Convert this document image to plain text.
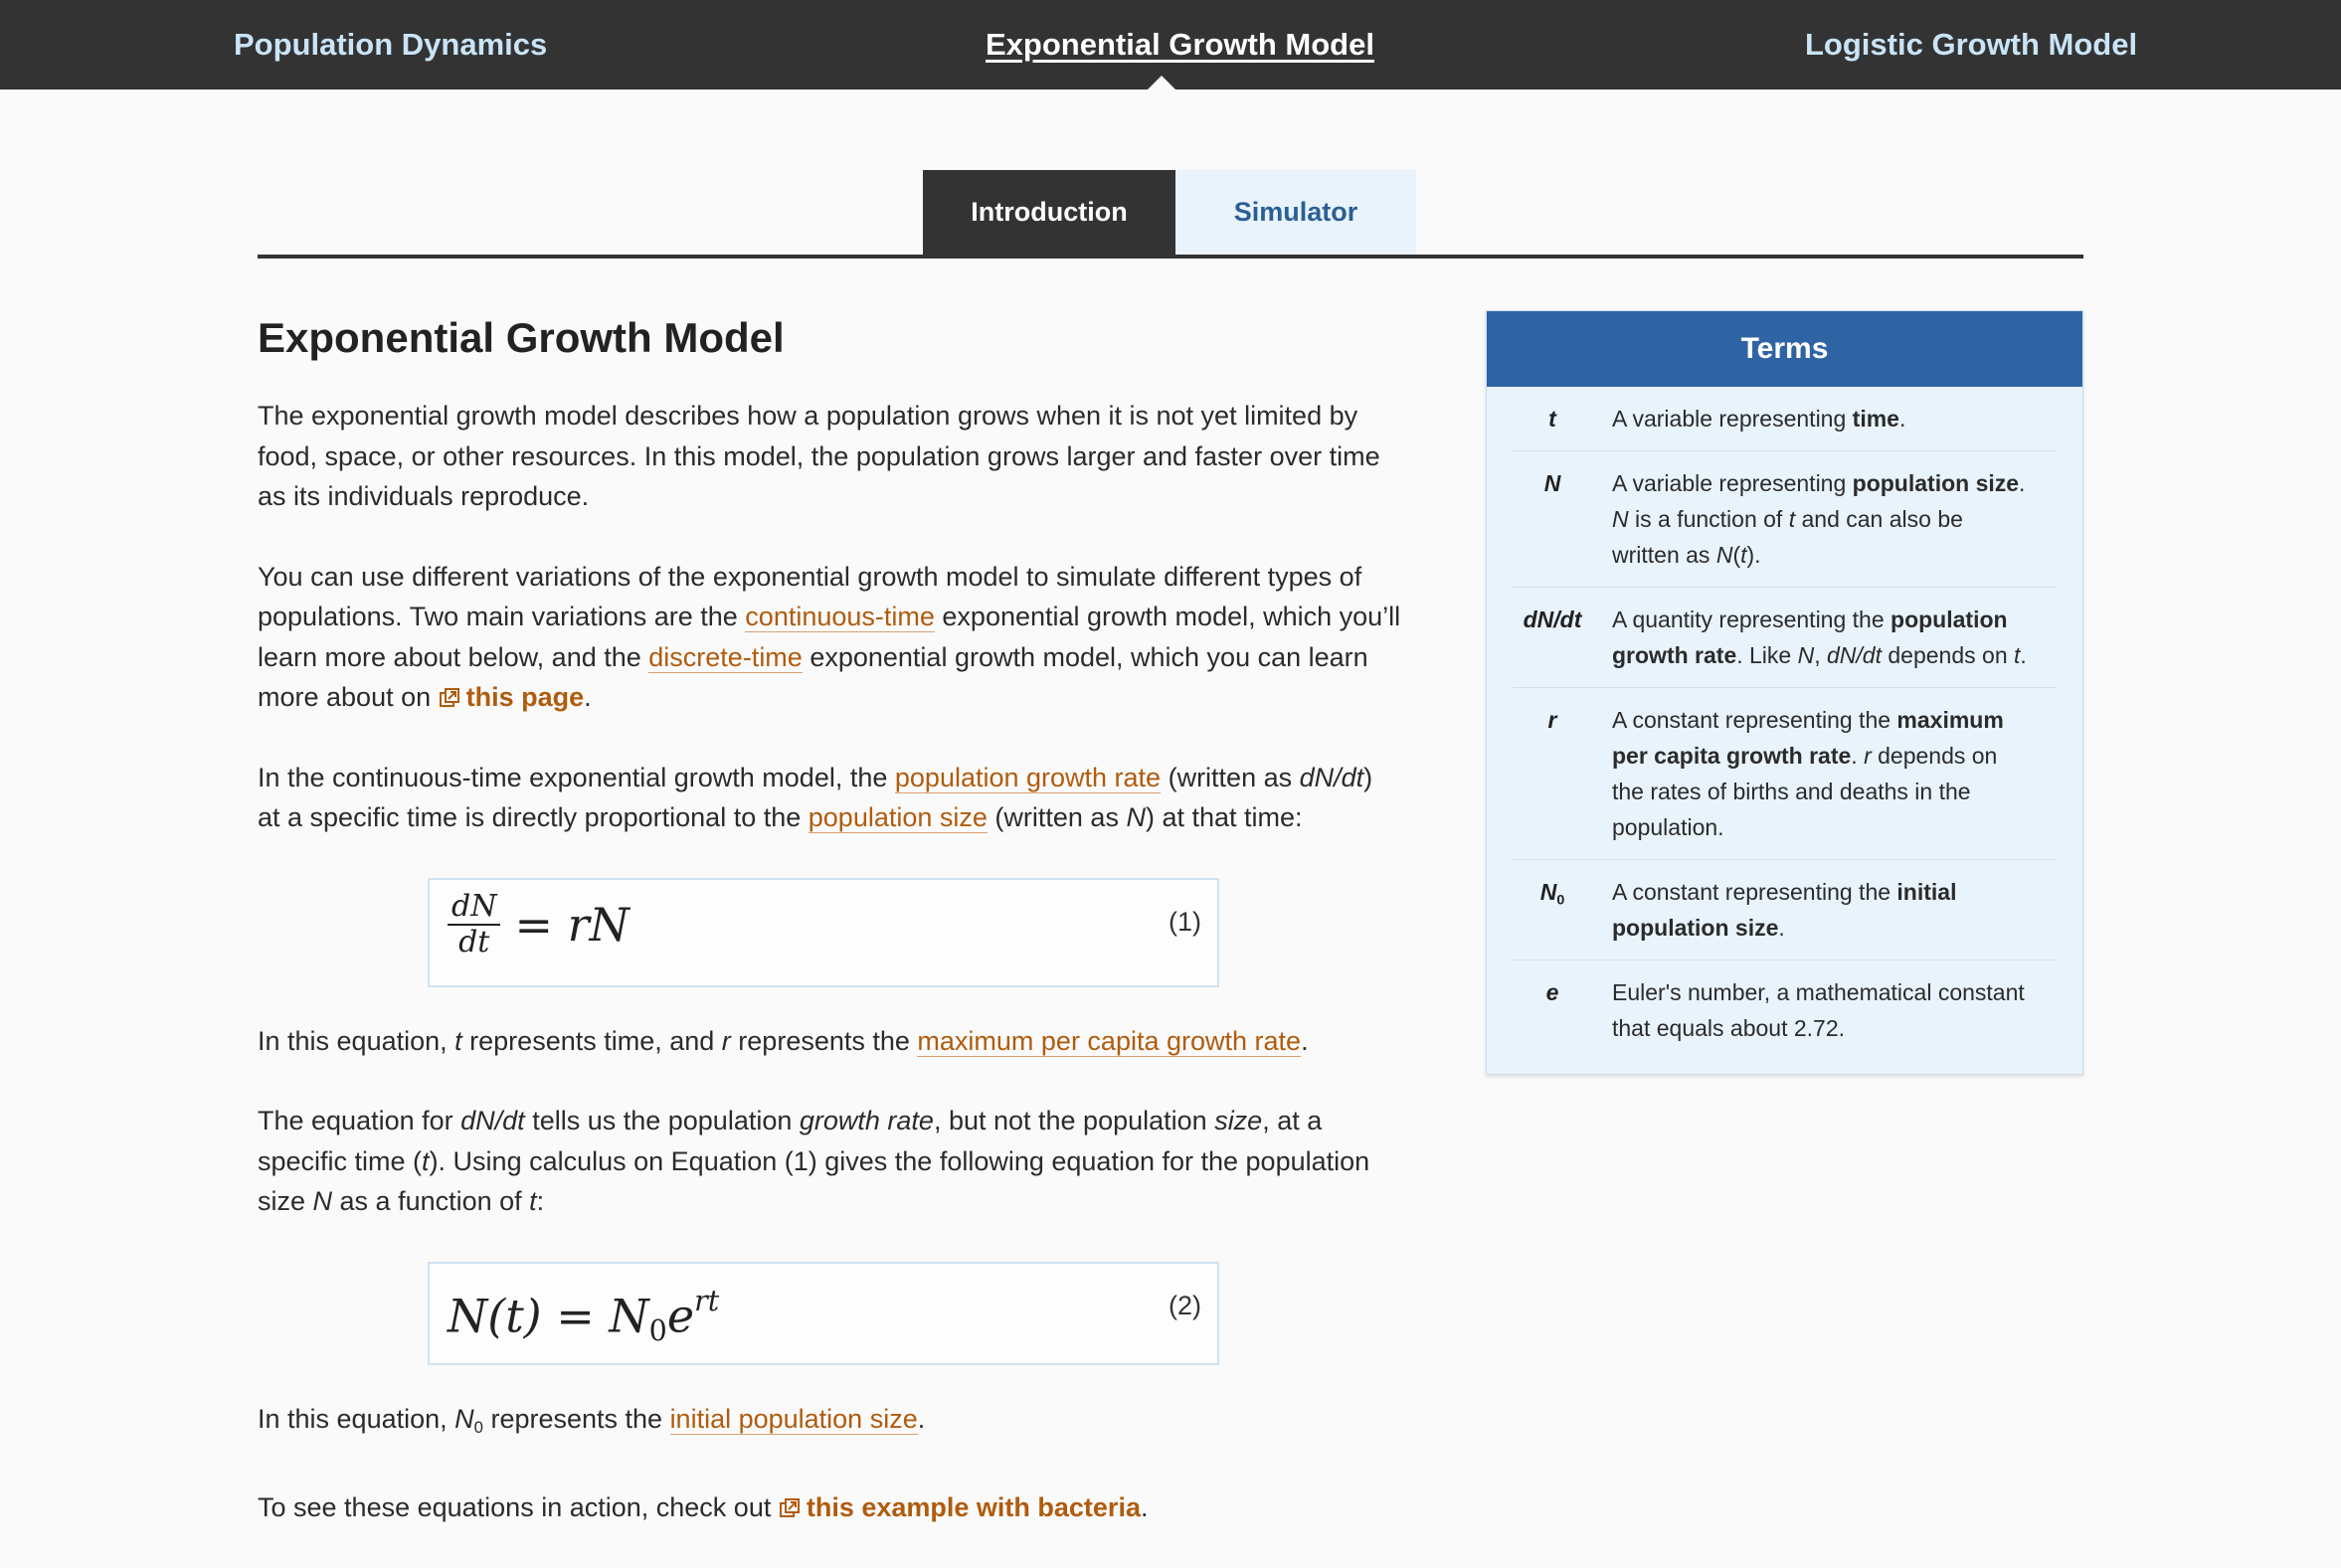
Population Dynamics	Exponential Growth Model	Logistic Growth Model
Introduction	Simulator
Exponential Growth Model

The exponential growth model describes how a population grows when it is not yet limited by food, space, or other resources. In this model, the population grows larger and faster over time as its individuals reproduce.

You can use different variations of the exponential growth model to simulate different types of populations. Two main variations are the continuous-time exponential growth model, which you’ll learn more about below, and the discrete-time exponential growth model, which you can learn more about on this page.

In the continuous-time exponential growth model, the population growth rate (written as dN/dt) at a specific time is directly proportional to the population size (written as N) at that time:

$\frac{dN}{dt}$ = rN	(1)

In this equation, t represents time, and r represents the maximum per capita growth rate.

The equation for dN/dt tells us the population growth rate, but not the population size, at a specific time (t). Using calculus on Equation (1) gives the following equation for the population size N as a function of t:

$N(t) = N_0e^{rt}$	(2)

In this equation, $N_0$ represents the initial population size.

To see these equations in action, check out this example with bacteria.

Terms
t	A variable representing time.
N	A variable representing population size. N is a function of t and can also be written as N(t).
dN/dt	A quantity representing the population growth rate. Like N, dN/dt depends on t.
r	A constant representing the maximum per capita growth rate. r depends on the rates of births and deaths in the population.
$N_0$	A constant representing the initial population size.
e	Euler's number, a mathematical constant that equals about 2.72.
